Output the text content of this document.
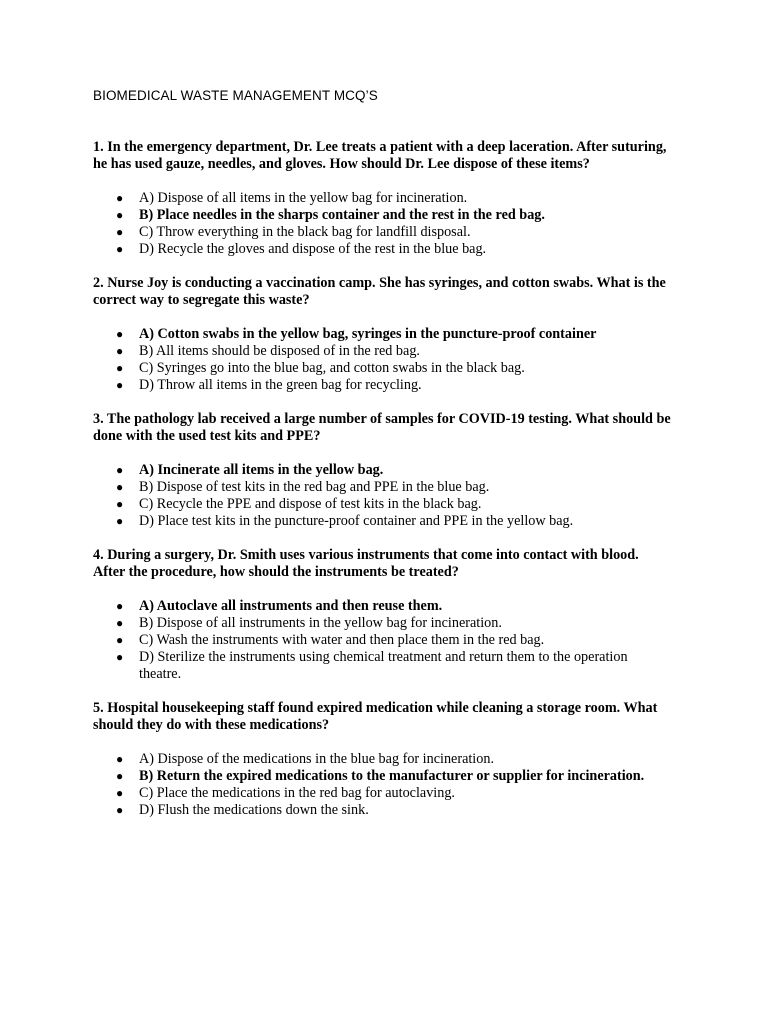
BIOMEDICAL WASTE MANAGEMENT MCQ’S
1. In the emergency department, Dr. Lee treats a patient with a deep laceration. After suturing, he has used gauze, needles, and gloves. How should Dr. Lee dispose of these items?
● A) Dispose of all items in the yellow bag for incineration.
● B) Place needles in the sharps container and the rest in the red bag.
● C) Throw everything in the black bag for landfill disposal.
● D) Recycle the gloves and dispose of the rest in the blue bag.
2. Nurse Joy is conducting a vaccination camp. She has syringes, and cotton swabs. What is the correct way to segregate this waste?
● A) Cotton swabs in the yellow bag, syringes in the puncture-proof container
● B) All items should be disposed of in the red bag.
● C) Syringes go into the blue bag, and cotton swabs in the black bag.
● D) Throw all items in the green bag for recycling.
3. The pathology lab received a large number of samples for COVID-19 testing. What should be done with the used test kits and PPE?
● A) Incinerate all items in the yellow bag.
● B) Dispose of test kits in the red bag and PPE in the blue bag.
● C) Recycle the PPE and dispose of test kits in the black bag.
● D) Place test kits in the puncture-proof container and PPE in the yellow bag.
4. During a surgery, Dr. Smith uses various instruments that come into contact with blood. After the procedure, how should the instruments be treated?
● A) Autoclave all instruments and then reuse them.
● B) Dispose of all instruments in the yellow bag for incineration.
● C) Wash the instruments with water and then place them in the red bag.
● D) Sterilize the instruments using chemical treatment and return them to the operation theatre.
5. Hospital housekeeping staff found expired medication while cleaning a storage room. What should they do with these medications?
● A) Dispose of the medications in the blue bag for incineration.
● B) Return the expired medications to the manufacturer or supplier for incineration.
● C) Place the medications in the red bag for autoclaving.
● D) Flush the medications down the sink.
